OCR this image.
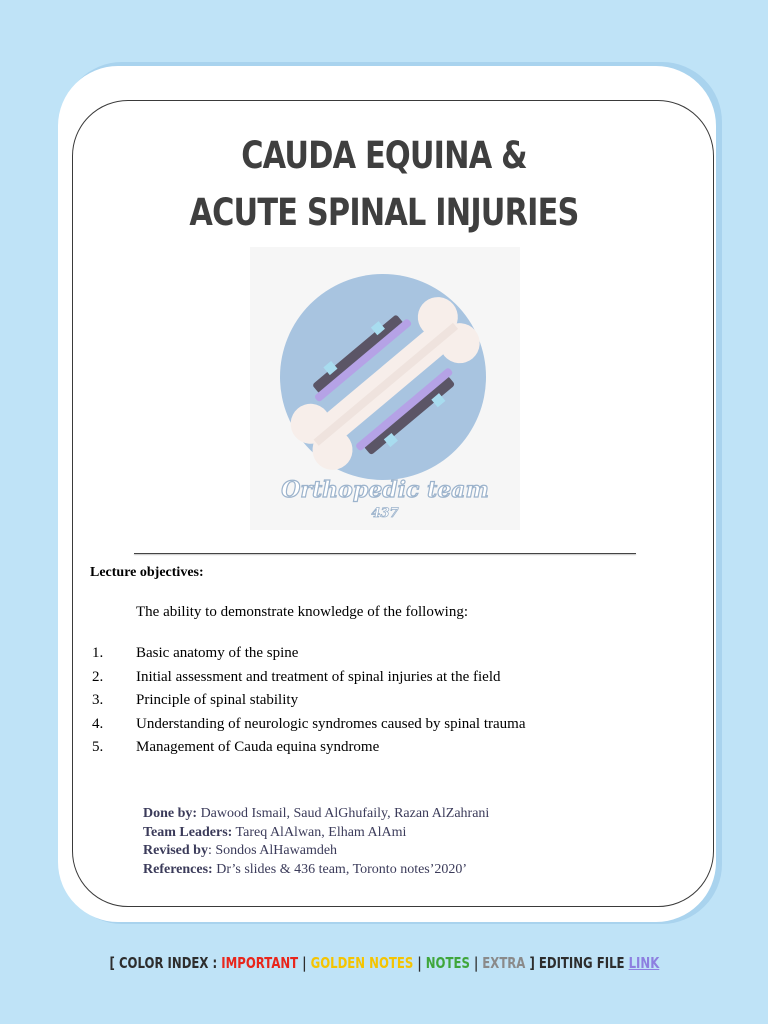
CAUDA EQUINA &
ACUTE SPINAL INJURIES
Orthopedic team
437
Lecture objectives:
The ability to demonstrate knowledge of the following:
1.	Basic anatomy of the spine
2.	Initial assessment and treatment of spinal injuries at the field
3.	Principle of spinal stability
4.	Understanding of neurologic syndromes caused by spinal trauma
5.	Management of Cauda equina syndrome
Done by: Dawood Ismail, Saud AlGhufaily, Razan AlZahrani
Team Leaders: Tareq AlAlwan, Elham AlAmi
Revised by: Sondos AlHawamdeh
References: Dr’s slides & 436 team, Toronto notes’2020’
[ COLOR INDEX : IMPORTANT | GOLDEN NOTES | NOTES | EXTRA ] EDITING FILE LINK
